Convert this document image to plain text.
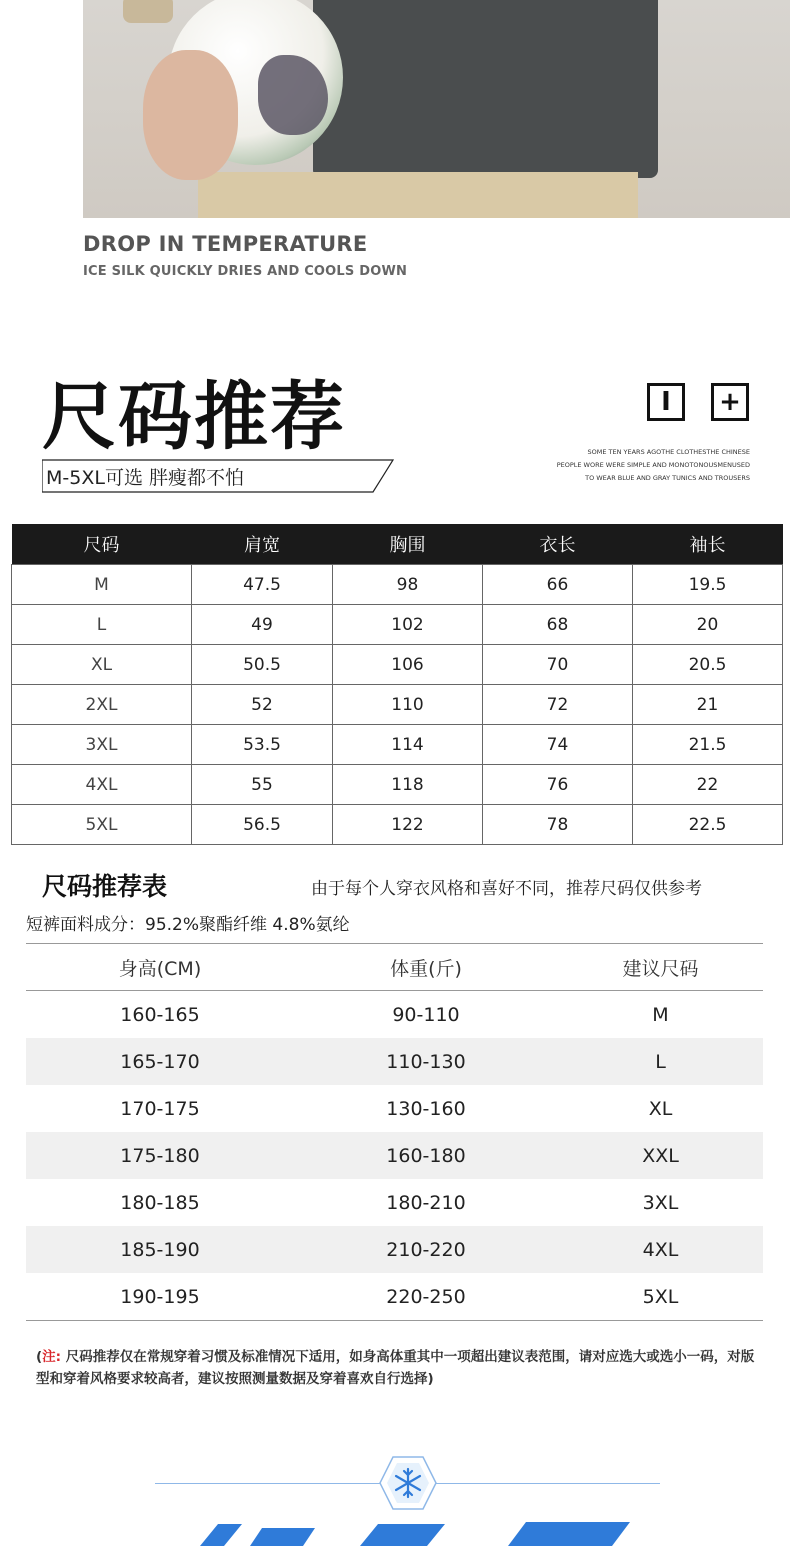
DROP IN TEMPERATURE
ICE SILK QUICKLY DRIES AND COOLS DOWN
尺码推荐
M-5XL可选 胖瘦都不怕
I	+
SOME TEN YEARS AGOTHE CLOTHESTHE CHINESE
PEOPLE WORE WERE SIMPLE AND MONOTONOUSMENUSED
TO WEAR BLUE AND GRAY TUNICS AND TROUSERS
尺码	肩宽	胸围	衣长	袖长
M	47.5	98	66	19.5
L	49	102	68	20
XL	50.5	106	70	20.5
2XL	52	110	72	21
3XL	53.5	114	74	21.5
4XL	55	118	76	22
5XL	56.5	122	78	22.5
尺码推荐表	由于每个人穿衣风格和喜好不同，推荐尺码仅供参考
短裤面料成分：95.2%聚酯纤维 4.8%氨纶
身高(CM)	体重(斤)	建议尺码
160-165	90-110	M
165-170	110-130	L
170-175	130-160	XL
175-180	160-180	XXL
180-185	180-210	3XL
185-190	210-220	4XL
190-195	220-250	5XL
(注: 尺码推荐仅在常规穿着习惯及标准情况下适用，如身高体重其中一项超出建议表范围，请对应选大或选小一码，对版型和穿着风格要求较高者，建议按照测量数据及穿着喜欢自行选择)
